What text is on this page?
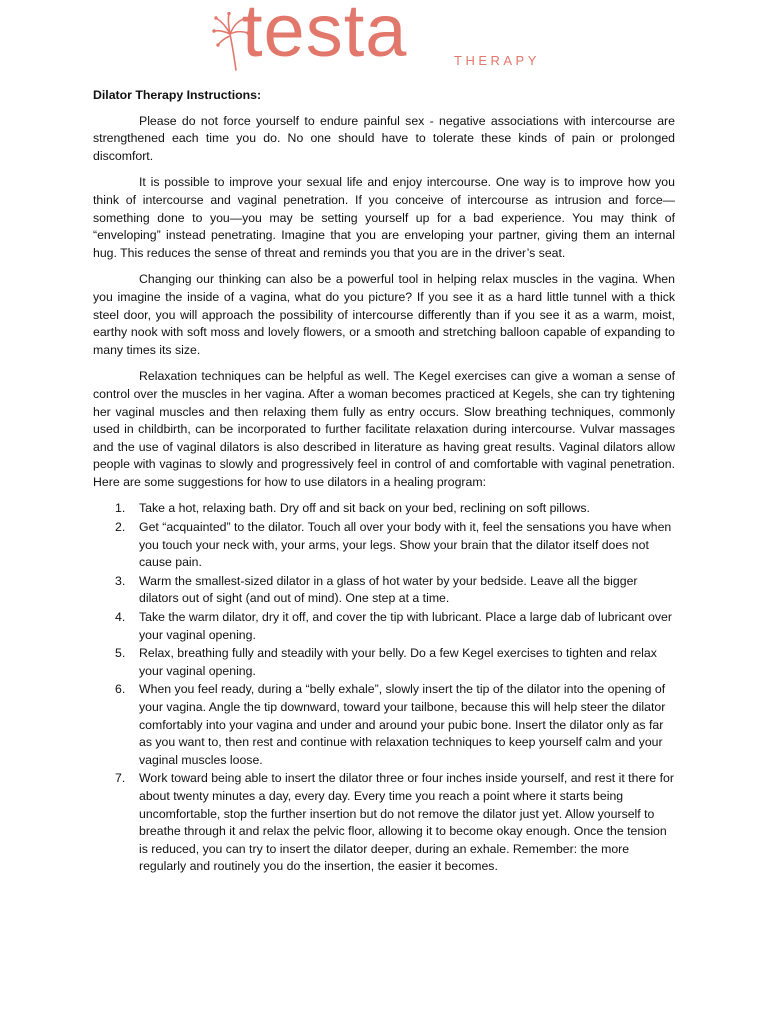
testa	THERAPY
Dilator Therapy Instructions:

Please do not force yourself to endure painful sex - negative associations with intercourse are strengthened each time you do. No one should have to tolerate these kinds of pain or prolonged discomfort.

It is possible to improve your sexual life and enjoy intercourse. One way is to improve how you think of intercourse and vaginal penetration. If you conceive of intercourse as intrusion and force—something done to you—you may be setting yourself up for a bad experience. You may think of “enveloping” instead penetrating. Imagine that you are enveloping your partner, giving them an internal hug. This reduces the sense of threat and reminds you that you are in the driver’s seat.

Changing our thinking can also be a powerful tool in helping relax muscles in the vagina. When you imagine the inside of a vagina, what do you picture? If you see it as a hard little tunnel with a thick steel door, you will approach the possibility of intercourse differently than if you see it as a warm, moist, earthy nook with soft moss and lovely flowers, or a smooth and stretching balloon capable of expanding to many times its size.

Relaxation techniques can be helpful as well. The Kegel exercises can give a woman a sense of control over the muscles in her vagina. After a woman becomes practiced at Kegels, she can try tightening her vaginal muscles and then relaxing them fully as entry occurs. Slow breathing techniques, commonly used in childbirth, can be incorporated to further facilitate relaxation during intercourse. Vulvar massages and the use of vaginal dilators is also described in literature as having great results. Vaginal dilators allow people with vaginas to slowly and progressively feel in control of and comfortable with vaginal penetration. Here are some suggestions for how to use dilators in a healing program:

1. Take a hot, relaxing bath. Dry off and sit back on your bed, reclining on soft pillows.
2. Get “acquainted” to the dilator. Touch all over your body with it, feel the sensations you have when you touch your neck with, your arms, your legs. Show your brain that the dilator itself does not cause pain.
3. Warm the smallest-sized dilator in a glass of hot water by your bedside. Leave all the bigger dilators out of sight (and out of mind). One step at a time.
4. Take the warm dilator, dry it off, and cover the tip with lubricant. Place a large dab of lubricant over your vaginal opening.
5. Relax, breathing fully and steadily with your belly. Do a few Kegel exercises to tighten and relax your vaginal opening.
6. When you feel ready, during a “belly exhale”, slowly insert the tip of the dilator into the opening of your vagina. Angle the tip downward, toward your tailbone, because this will help steer the dilator comfortably into your vagina and under and around your pubic bone. Insert the dilator only as far as you want to, then rest and continue with relaxation techniques to keep yourself calm and your vaginal muscles loose.
7. Work toward being able to insert the dilator three or four inches inside yourself, and rest it there for about twenty minutes a day, every day. Every time you reach a point where it starts being uncomfortable, stop the further insertion but do not remove the dilator just yet. Allow yourself to breathe through it and relax the pelvic floor, allowing it to become okay enough. Once the tension is reduced, you can try to insert the dilator deeper, during an exhale. Remember: the more regularly and routinely you do the insertion, the easier it becomes.
